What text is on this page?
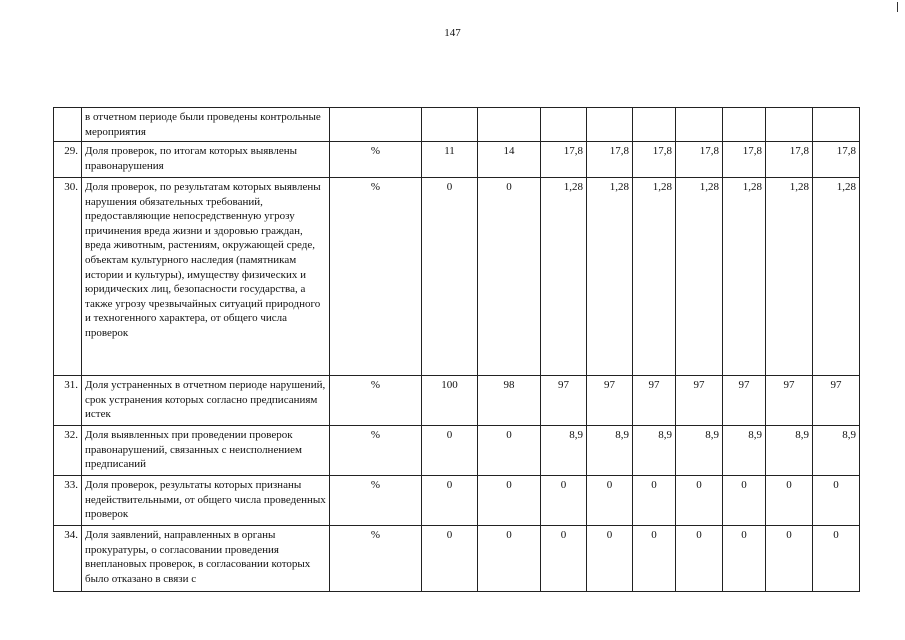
147
	в отчетном периоде были проведены контрольные мероприятия										
29.	Доля проверок, по итогам которых выявлены правонарушения	%	11	14	17,8	17,8	17,8	17,8	17,8	17,8	17,8
30.	Доля проверок, по результатам которых выявлены нарушения обязательных требований, предоставляющие непосредственную угрозу причинения вреда жизни и здоровью граждан, вреда животным, растениям, окружающей среде, объектам культурного наследия (памятникам истории и культуры), имуществу физических и юридических лиц, безопасности государства, а также угрозу чрезвычайных ситуаций природного и техногенного характера, от общего числа проверок	%	0	0	1,28	1,28	1,28	1,28	1,28	1,28	1,28
31.	Доля устраненных в отчетном периоде нарушений, срок устранения которых согласно предписаниям истек	%	100	98	97	97	97	97	97	97	97
32.	Доля выявленных при проведении проверок правонарушений, связанных с неисполнением предписаний	%	0	0	8,9	8,9	8,9	8,9	8,9	8,9	8,9
33.	Доля проверок, результаты которых признаны недействительными, от общего числа проведенных проверок	%	0	0	0	0	0	0	0	0	0
34.	Доля заявлений, направленных в органы прокуратуры, о согласовании проведения внеплановых проверок, в согласовании которых было отказано в связи с	%	0	0	0	0	0	0	0	0	0
